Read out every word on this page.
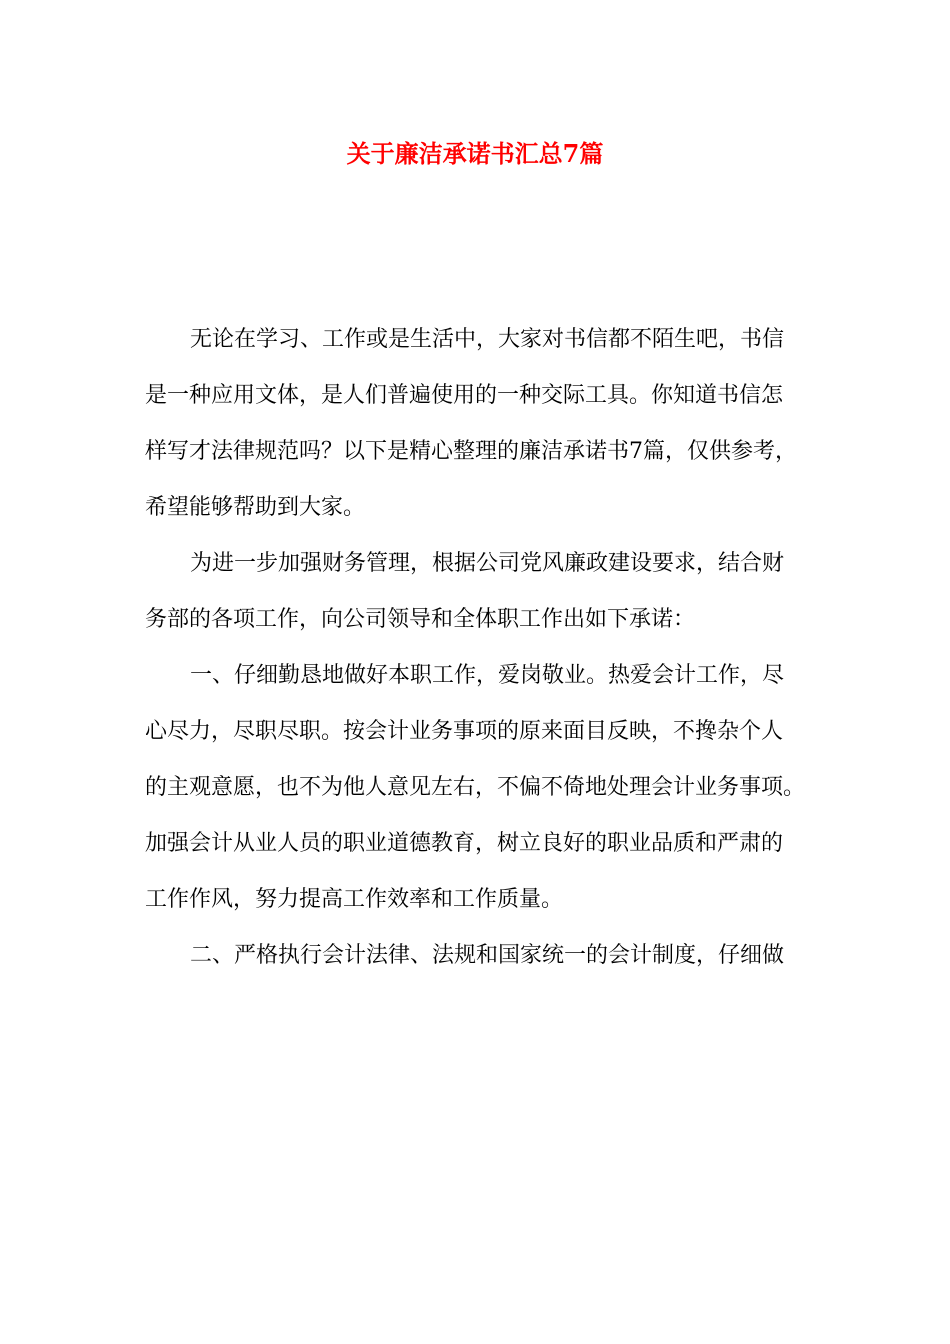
关于廉洁承诺书汇总7篇
无论在学习、工作或是生活中，大家对书信都不陌生吧，书信
是一种应用文体，是人们普遍使用的一种交际工具。你知道书信怎
样写才法律规范吗？以下是精心整理的廉洁承诺书7篇，仅供参考，
希望能够帮助到大家。
为进一步加强财务管理，根据公司党风廉政建设要求，结合财
务部的各项工作，向公司领导和全体职工作出如下承诺：
一、仔细勤恳地做好本职工作，爱岗敬业。热爱会计工作，尽
心尽力，尽职尽职。按会计业务事项的原来面目反映，不搀杂个人
的主观意愿，也不为他人意见左右，不偏不倚地处理会计业务事项。
加强会计从业人员的职业道德教育，树立良好的职业品质和严肃的
工作作风，努力提高工作效率和工作质量。
二、严格执行会计法律、法规和国家统一的会计制度，仔细做
